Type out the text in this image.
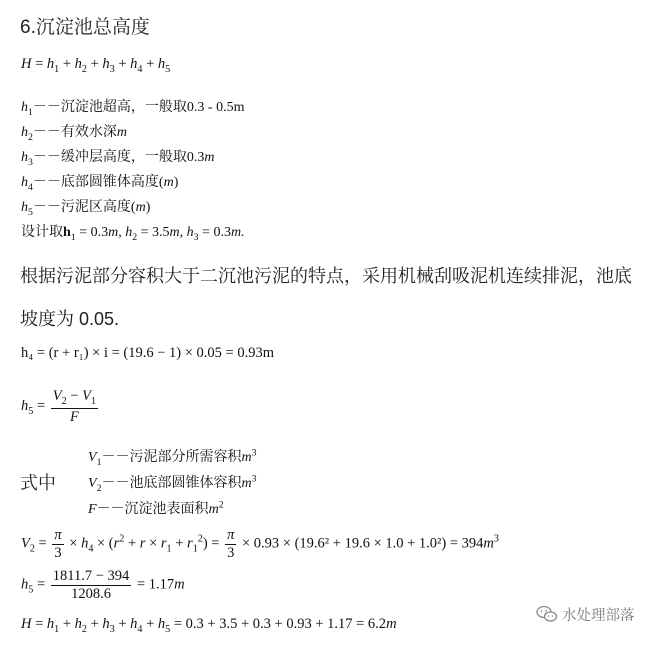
6.沉淀池总高度
$H = h_1 + h_2 + h_3 + h_4 + h_5$
$h_1--$沉淀池超高，一般取0.3 - 0.5m
$h_2--$有效水深m
$h_3--$缓冲层高度，一般取0.3m
$h_4--$底部圆锥体高度(m)
$h_5--$污泥区高度(m)
设计取$h_1 = 0.3m$, $h_2 = 3.5m$, $h_3 = 0.3m$.
根据污泥部分容积大于二沉池污泥的特点，采用机械刮吸泥机连续排泥，池底
坡度为 0.05.
h₄ = (r + r₁) × i = (19.6 − 1) × 0.05 = 0.93m
$h_5 = \frac{V_2 - V_1}{F}$
式中
$V_1--$污泥部分所需容积$m^3$
$V_2--$池底部圆锥体容积$m^3$
F－－沉淀池表面积$m^2$
$V_2 = \frac{\pi}{3} \times h_4 \times (r^2 + r \times r_1 + r_1^2) = \frac{\pi}{3} \times 0.93 \times (19.6^2 + 19.6 \times 1.0 + 1.0^2) = 394m^3$
$h_5 = \frac{1811.7 - 394}{1208.6} = 1.17m$
$H = h_1 + h_2 + h_3 + h_4 + h_5 = 0.3 + 3.5 + 0.3 + 0.93 + 1.17 = 6.2m$	水处理部落
